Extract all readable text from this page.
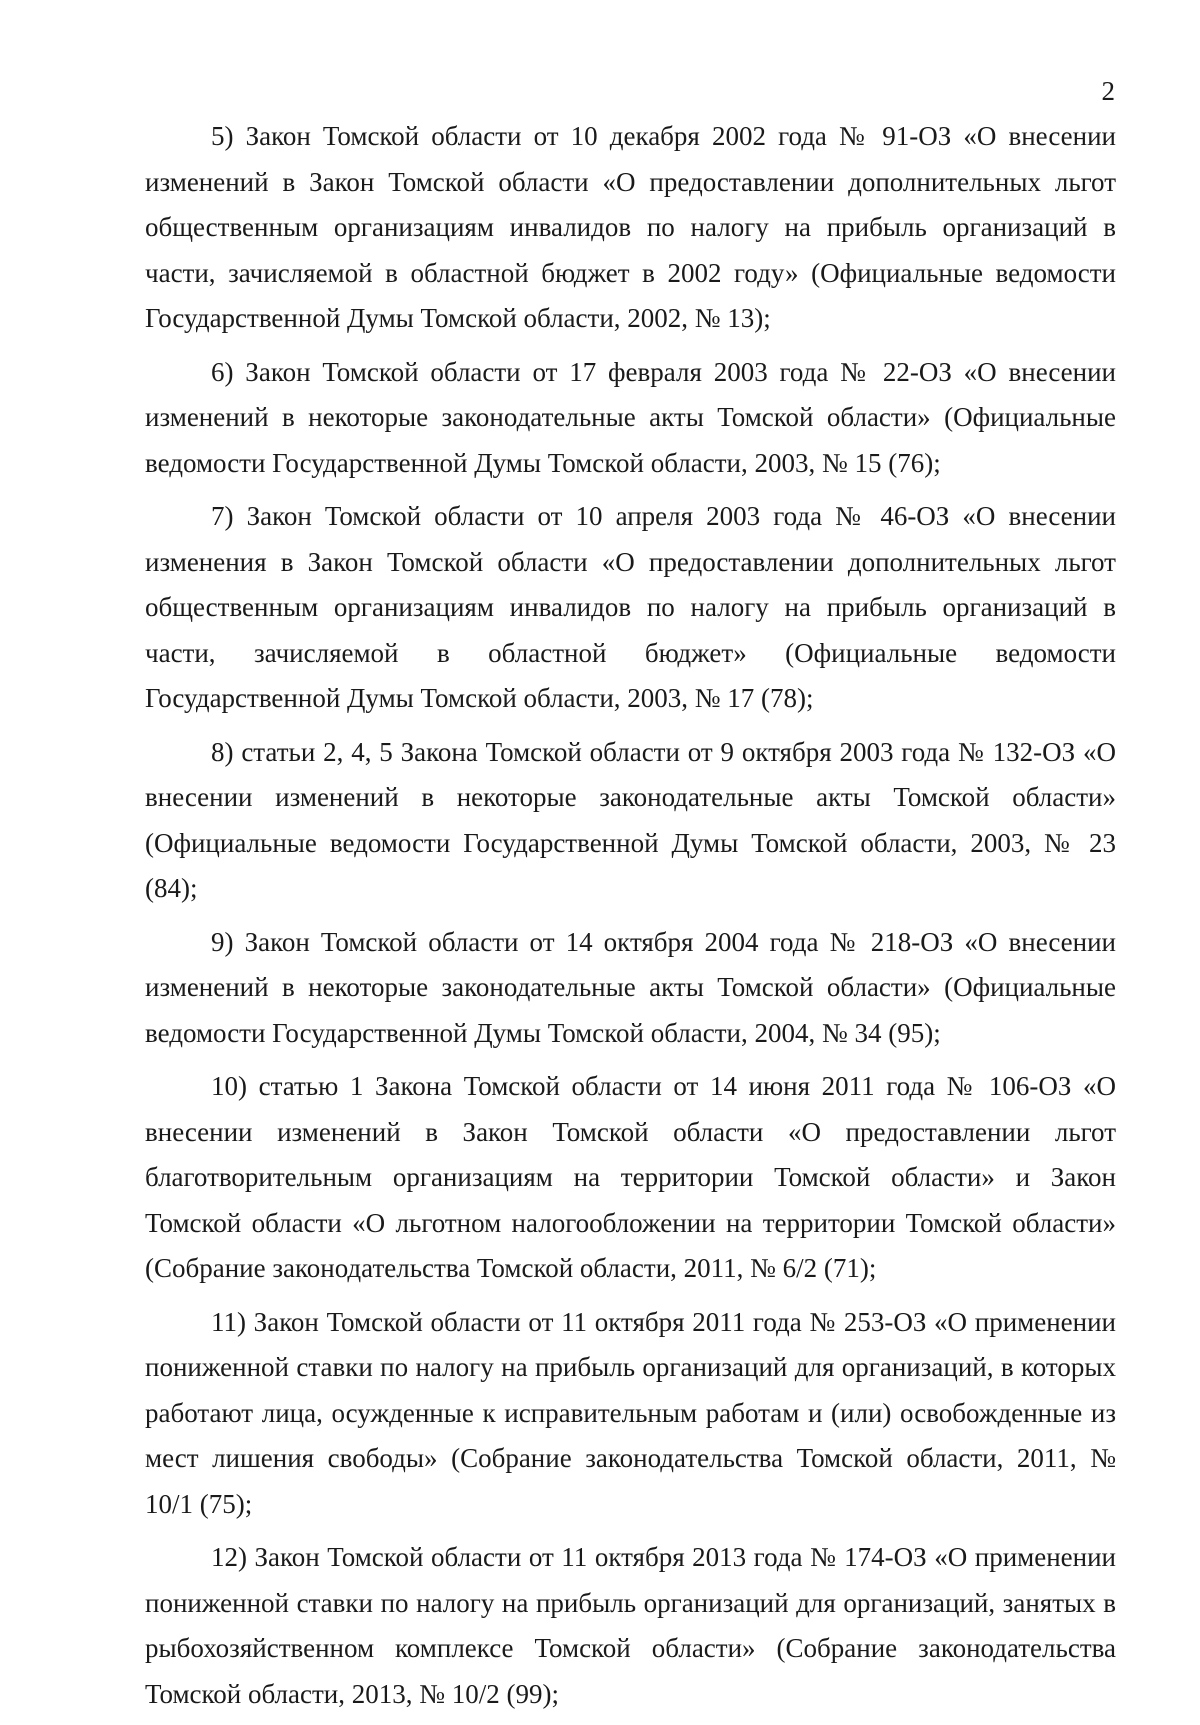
2

5) Закон Томской области от 10 декабря 2002 года № 91-ОЗ «О внесении изменений в Закон Томской области «О предоставлении дополнительных льгот общественным организациям инвалидов по налогу на прибыль организаций в части, зачисляемой в областной бюджет в 2002 году» (Официальные ведомости Государственной Думы Томской области, 2002, № 13);

6) Закон Томской области от 17 февраля 2003 года № 22-ОЗ «О внесении изменений в некоторые законодательные акты Томской области» (Официальные ведомости Государственной Думы Томской области, 2003, № 15 (76);

7) Закон Томской области от 10 апреля 2003 года № 46-ОЗ «О внесении изменения в Закон Томской области «О предоставлении дополнительных льгот общественным организациям инвалидов по налогу на прибыль организаций в части, зачисляемой в областной бюджет» (Официальные ведомости Государственной Думы Томской области, 2003, № 17 (78);

8) статьи 2, 4, 5 Закона Томской области от 9 октября 2003 года № 132-ОЗ «О внесении изменений в некоторые законодательные акты Томской области» (Официальные ведомости Государственной Думы Томской области, 2003, № 23 (84);

9) Закон Томской области от 14 октября 2004 года № 218-ОЗ «О внесении изменений в некоторые законодательные акты Томской области» (Официальные ведомости Государственной Думы Томской области, 2004, № 34 (95);

10) статью 1 Закона Томской области от 14 июня 2011 года № 106-ОЗ «О внесении изменений в Закон Томской области «О предоставлении льгот благотворительным организациям на территории Томской области» и Закон Томской области «О льготном налогообложении на территории Томской области» (Собрание законодательства Томской области, 2011, № 6/2 (71);

11) Закон Томской области от 11 октября 2011 года № 253-ОЗ «О применении пониженной ставки по налогу на прибыль организаций для организаций, в которых работают лица, осужденные к исправительным работам и (или) освобожденные из мест лишения свободы» (Собрание законодательства Томской области, 2011, № 10/1 (75);

12) Закон Томской области от 11 октября 2013 года № 174-ОЗ «О применении пониженной ставки по налогу на прибыль организаций для организаций, занятых в рыбохозяйственном комплексе Томской области» (Собрание законодательства Томской области, 2013, № 10/2 (99);
